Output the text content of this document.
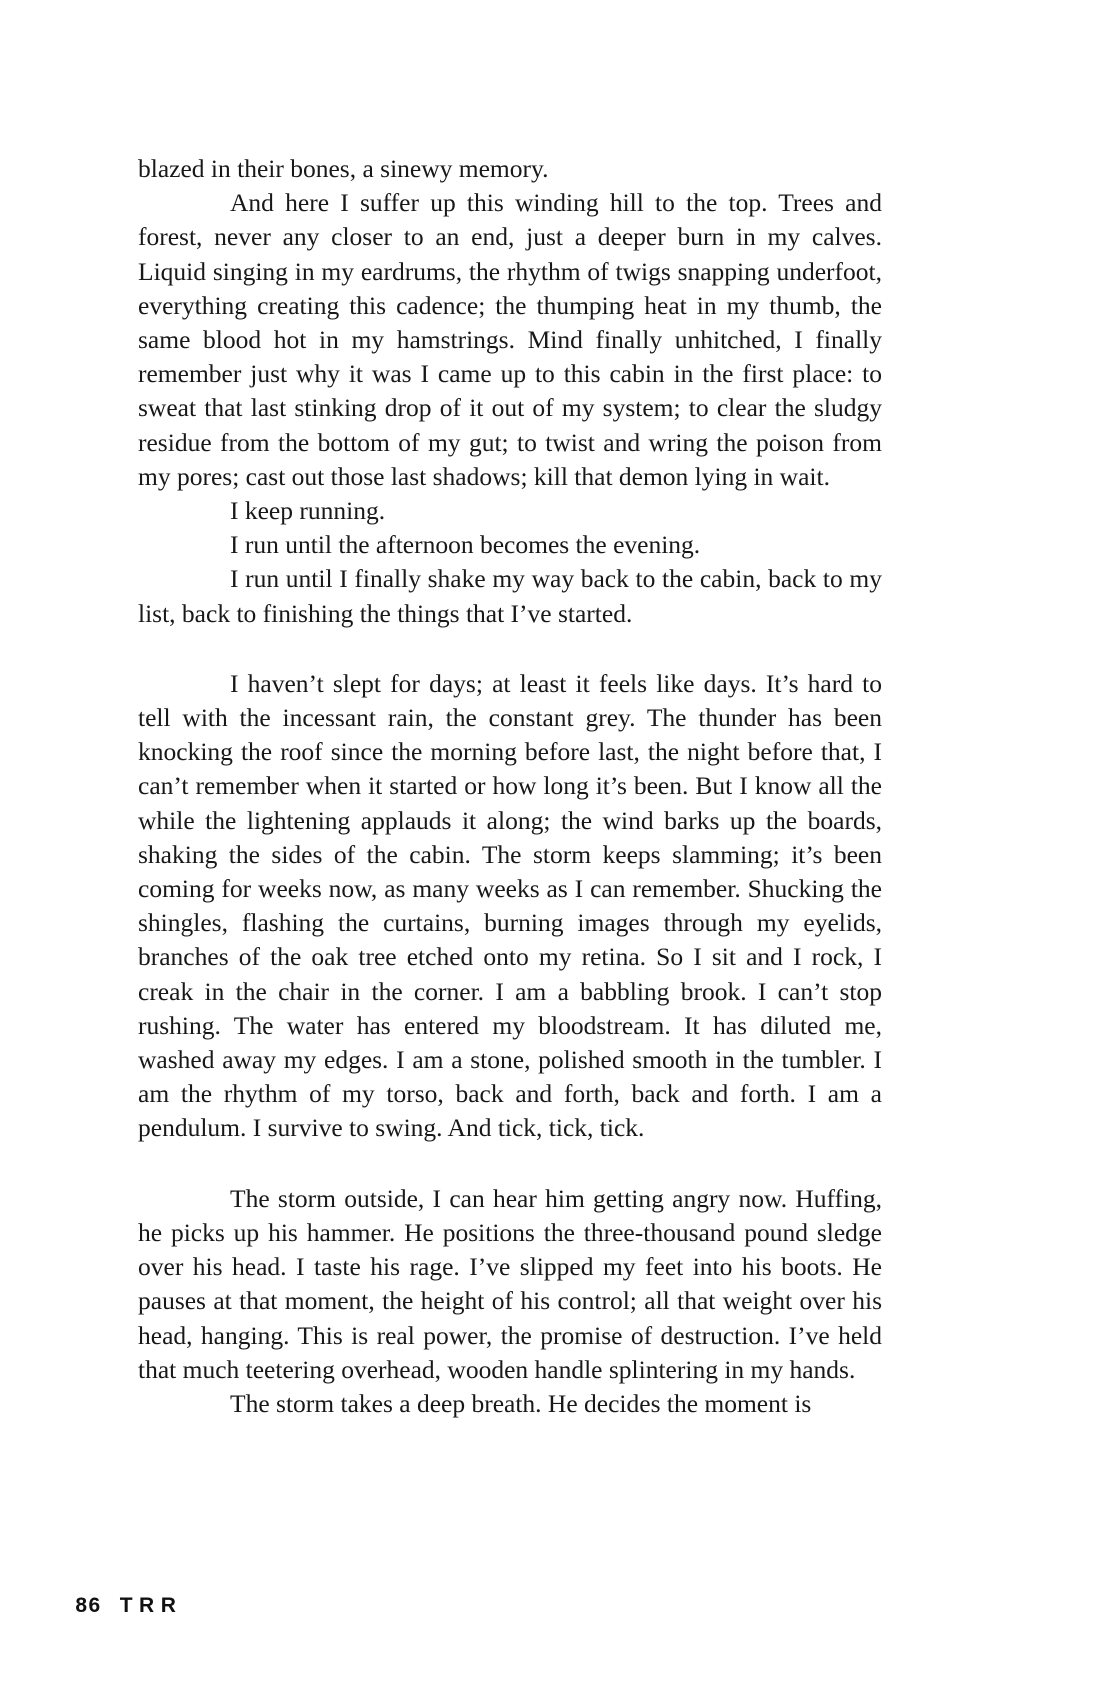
blazed in their bones, a sinewy memory.

And here I suffer up this winding hill to the top. Trees and forest, never any closer to an end, just a deeper burn in my calves. Liquid singing in my eardrums, the rhythm of twigs snapping underfoot, everything creating this cadence; the thumping heat in my thumb, the same blood hot in my hamstrings. Mind finally unhitched, I finally remember just why it was I came up to this cabin in the first place: to sweat that last stinking drop of it out of my system; to clear the sludgy residue from the bottom of my gut; to twist and wring the poison from my pores; cast out those last shadows; kill that demon lying in wait.

I keep running.

I run until the afternoon becomes the evening.

I run until I finally shake my way back to the cabin, back to my list, back to finishing the things that I’ve started.

I haven’t slept for days; at least it feels like days. It’s hard to tell with the incessant rain, the constant grey. The thunder has been knocking the roof since the morning before last, the night before that, I can’t remember when it started or how long it’s been. But I know all the while the lightening applauds it along; the wind barks up the boards, shaking the sides of the cabin. The storm keeps slamming; it’s been coming for weeks now, as many weeks as I can remember. Shucking the shingles, flashing the curtains, burning images through my eyelids, branches of the oak tree etched onto my retina. So I sit and I rock, I creak in the chair in the corner. I am a babbling brook. I can’t stop rushing. The water has entered my bloodstream. It has diluted me, washed away my edges. I am a stone, polished smooth in the tumbler. I am the rhythm of my torso, back and forth, back and forth. I am a pendulum. I survive to swing. And tick, tick, tick.

The storm outside, I can hear him getting angry now. Huffing, he picks up his hammer. He positions the three-thousand pound sledge over his head. I taste his rage. I’ve slipped my feet into his boots. He pauses at that moment, the height of his control; all that weight over his head, hanging. This is real power, the promise of destruction. I’ve held that much teetering overhead, wooden handle splintering in my hands.

The storm takes a deep breath. He decides the moment is

86 TRR
